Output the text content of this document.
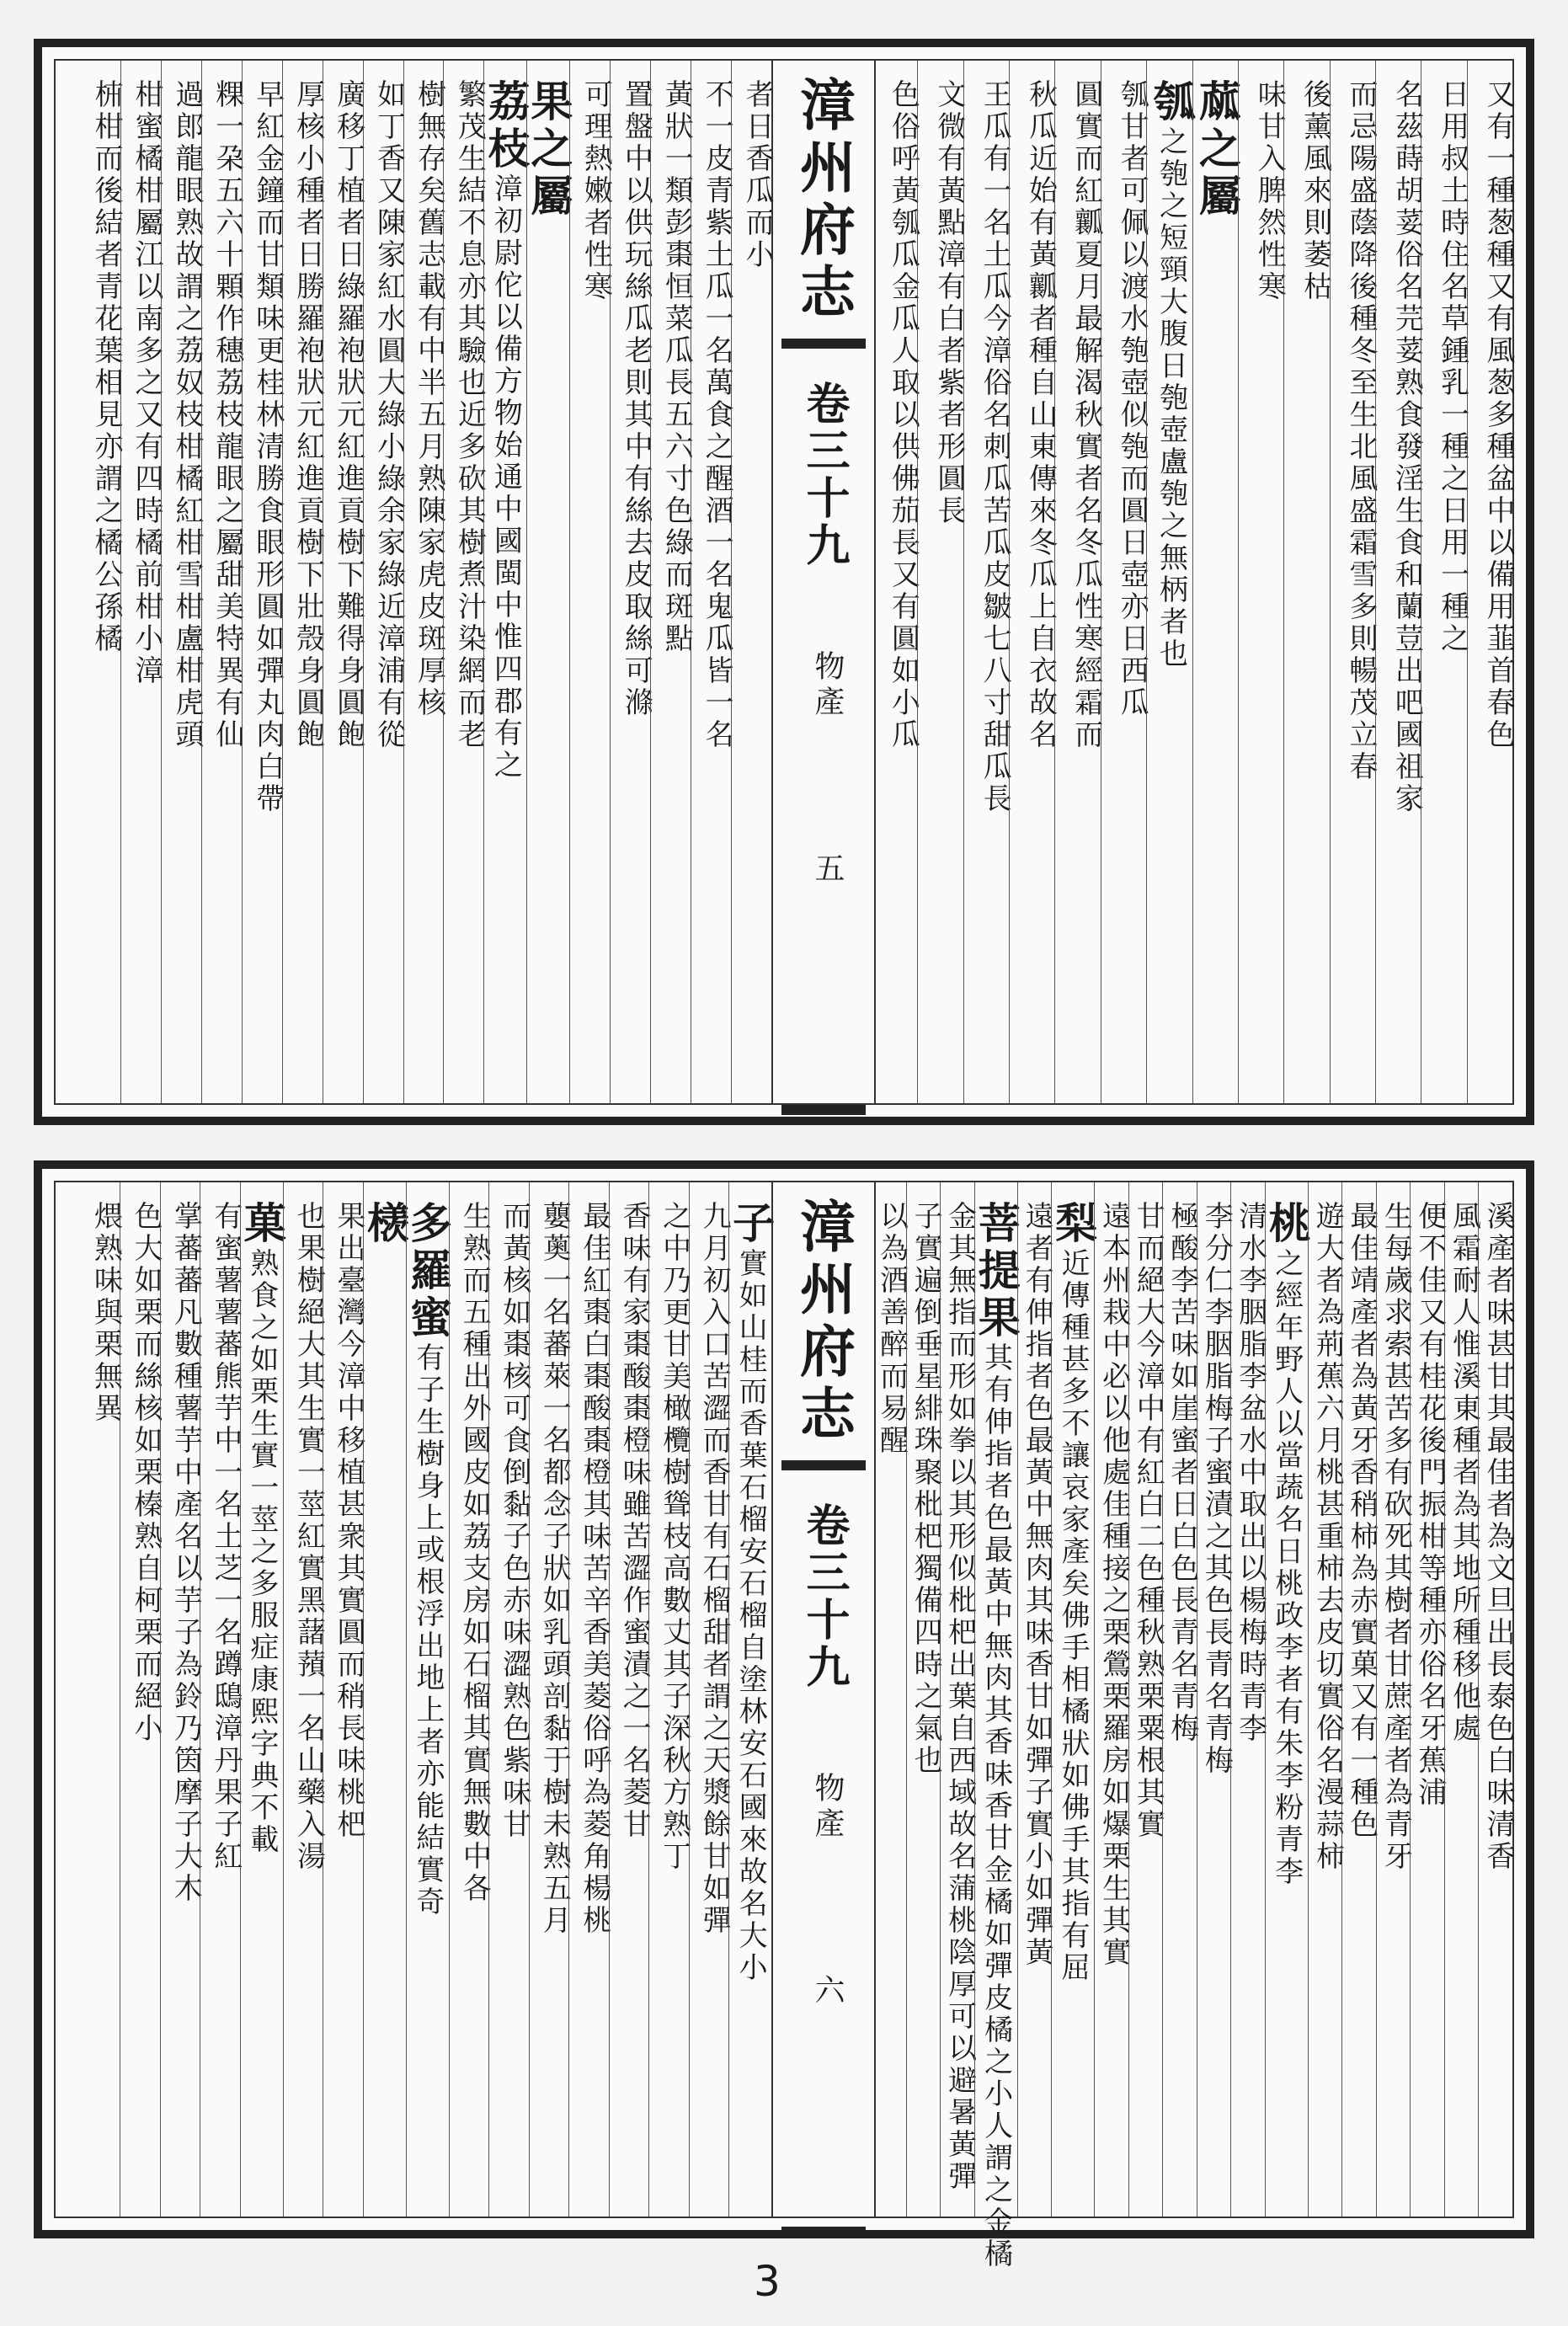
枾柑而後結者青花葉相見亦謂之橘公孫橘 柑蜜橘柑屬江以南多之又有四時橘前柑小漳 過郎龍眼熟故謂之荔奴枝柑橘紅柑雪柑盧柑虎頭 粿一朶五六十顆作穗荔枝龍眼之屬甜美特異有仙 早紅金鐘而甘類味更桂林清勝食眼形圓如彈丸肉白帶 厚核小種者日勝羅袍狀元紅進貢樹下壯殼身圓飽 廣移丁植者日綠羅袍狀元紅進貢樹下難得身圓飽 如丁香又陳家紅水圓大綠小綠余家綠近漳浦有從 樹無存矣舊志載有中半五月熟陳家虎皮斑厚核 繁茂生結不息亦其驗也近多砍其樹煮汁染網而老
荔枝漳初尉佗以備方物始通中國閩中惟四郡有之
果之屬 可理熱嫩者性寒 置盤中以供玩絲瓜老則其中有絲去皮取絲可滌 黃狀一類彭棗恒菜瓜長五六寸色綠而斑點 不一皮青紫土瓜一名萬食之醒酒一名鬼瓜皆一名 者日香瓜而小 漳州府志
卷三十九
物產
五
色俗呼黃瓠瓜金瓜人取以供佛茄長又有圓如小瓜 文微有黃點漳有白者紫者形圓長 王瓜有一名土瓜今漳俗名刺瓜苦瓜皮皺七八寸甜瓜長 秋瓜近始有黃瓤者種自山東傳來冬瓜上自衣故名 圓實而紅瓤夏月最解渴秋實者名冬瓜性寒經霜而 瓠甘者可佩以渡水匏壺似匏而圓日壺亦日西瓜
瓠之匏之短頸大腹日匏壺盧匏之無柄者也 蓏之屬 味甘入脾然性寒 後薰風來則萎枯 而忌陽盛蔭降後種冬至生北風盛霜雪多則暢茂立春 名茲蒔胡荽俗名芫荽熟食發淫生食和蘭荳出吧國祖家 日用叔土時住名草鍾乳一種之日用一種之 又有一種葱種又有風葱多種盆中以備用韮首春色
煨熟味與栗無異 色大如栗而絲核如栗榛熟自柯栗而絕小 掌蕃蕃凡數種薯芋中產名以芋子為鈴乃筃摩子大木 有蜜薯薯蕃熊芋中一名土芝一名蹲鴟漳丹果子紅
菓熟食之如栗生實一莖之多服症康熙字典不載 也果樹絕大其生實一莖紅實黑藷蕷一名山藥入湯 果出臺灣今漳中移植甚衆其實圓而稍長味桃杷
檨
多羅蜜有子生樹身上或根浮出地上者亦能結實奇 生熟而五種出外國皮如荔支房如石榴其實無數中各 而黃核如棗核可食倒黏子色赤味澀熟色紫味甘 蘡薁一名蕃萊一名都念子狀如乳頭剖黏于樹未熟五月 最佳紅棗白棗酸棗橙其味苦辛香美菱俗呼為菱角楊桃 香味有家棗酸棗橙味雖苦澀作蜜漬之一名菱甘 之中乃更甘美橄欖樹聳枝高數丈其子深秋方熟丁 九月初入口苦澀而香甘有石榴甜者謂之天漿餘甘如彈
子實如山桂而香葉石榴安石榴自塗林安石國來故名大小 漳州府志
卷三十九
物產
六
以為酒善醉而易醒 子實遍倒垂星緋珠聚枇杷獨備四時之氣也 金其無指而形如拳以其形似枇杷出葉自西域故名蒲桃陰厚可以避暑黃彈
菩提果其有伸指者色最黃中無肉其香味香甘金橘如彈皮橘之小人謂之金橘 遠者有伸指者色最黃中無肉其味香甘如彈子實小如彈黃
梨近傳種甚多不讓哀家產矣佛手相橘狀如佛手其指有屈 遠本州栽中必以他處佳種接之栗鶯栗羅房如爆栗生其實 甘而絕大今漳中有紅白二色種秋熟栗粟根其實 極酸李苦味如崖蜜者日白色長青名青梅 李分仁李胭脂梅子蜜漬之其色長青名青梅 清水李胭脂李盆水中取出以楊梅時青李
桃之經年野人以當蔬名日桃政李者有朱李粉青李 遊大者為荊蕉六月桃甚重柿去皮切實俗名漫蒜柿 最佳靖產者為黃牙香稍柿為赤實菓又有一種色 生每歲求索甚苦多有砍死其樹者甘蔗產者為青牙 便不佳又有桂花後門振柑等種亦俗名牙蕉浦 風霜耐人惟溪東種者為其地所種移他處 溪產者味甚甘其最佳者為文旦出長泰色白味清香
3
